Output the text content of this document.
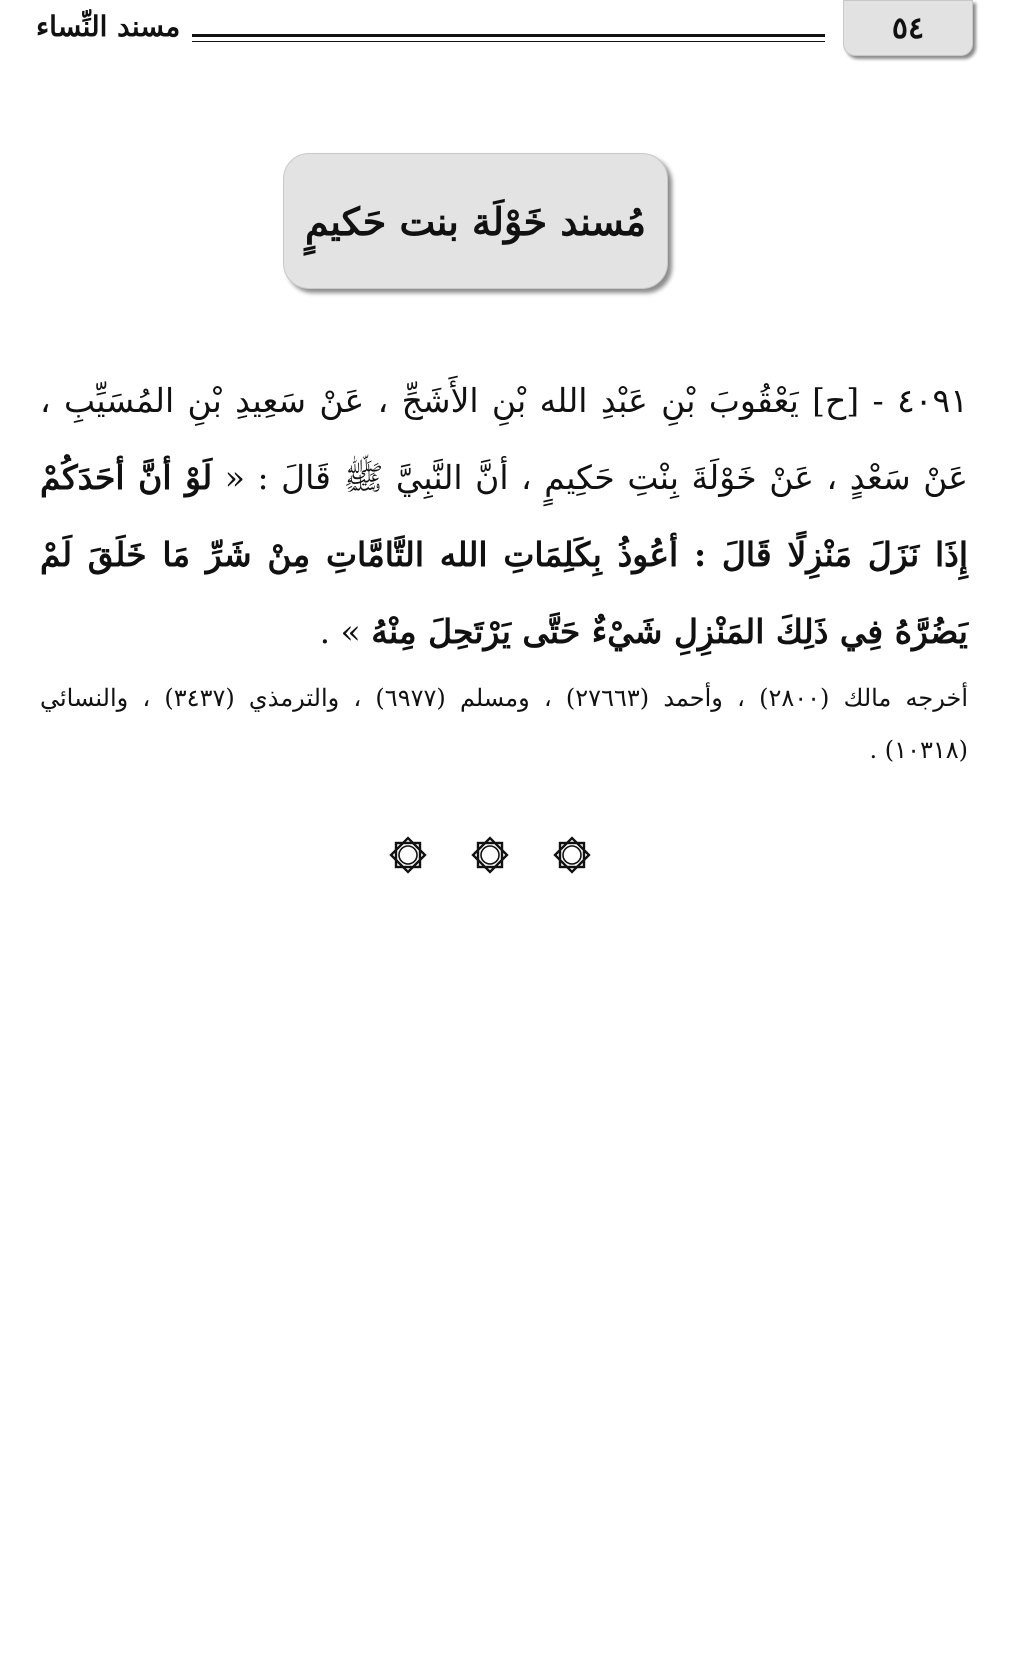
٥٤
مسند النِّساء
مُسند خَوْلَة بنت حَكيمٍ
٤٠٩١ - [ح] يَعْقُوبَ بْنِ عَبْدِ الله بْنِ الأَشَجِّ ، عَنْ سَعِيدِ بْنِ المُسَيِّبِ ، عَنْ سَعْدٍ ، عَنْ خَوْلَةَ بِنْتِ حَكِيمٍ ، أنَّ النَّبِيَّ ﷺ قَالَ : « لَوْ أنَّ أحَدَكُمْ إِذَا نَزَلَ مَنْزِلًا قَالَ : أعُوذُ بِكَلِمَاتِ الله التَّامَّاتِ مِنْ شَرِّ مَا خَلَقَ لَمْ يَضُرَّهُ فِي ذَلِكَ المَنْزِلِ شَيْءٌ حَتَّى يَرْتَحِلَ مِنْهُ » .
أخرجه مالك (٢٨٠٠) ، وأحمد (٢٧٦٦٣) ، ومسلم (٦٩٧٧) ، والترمذي (٣٤٣٧) ، والنسائي (١٠٣١٨) .
